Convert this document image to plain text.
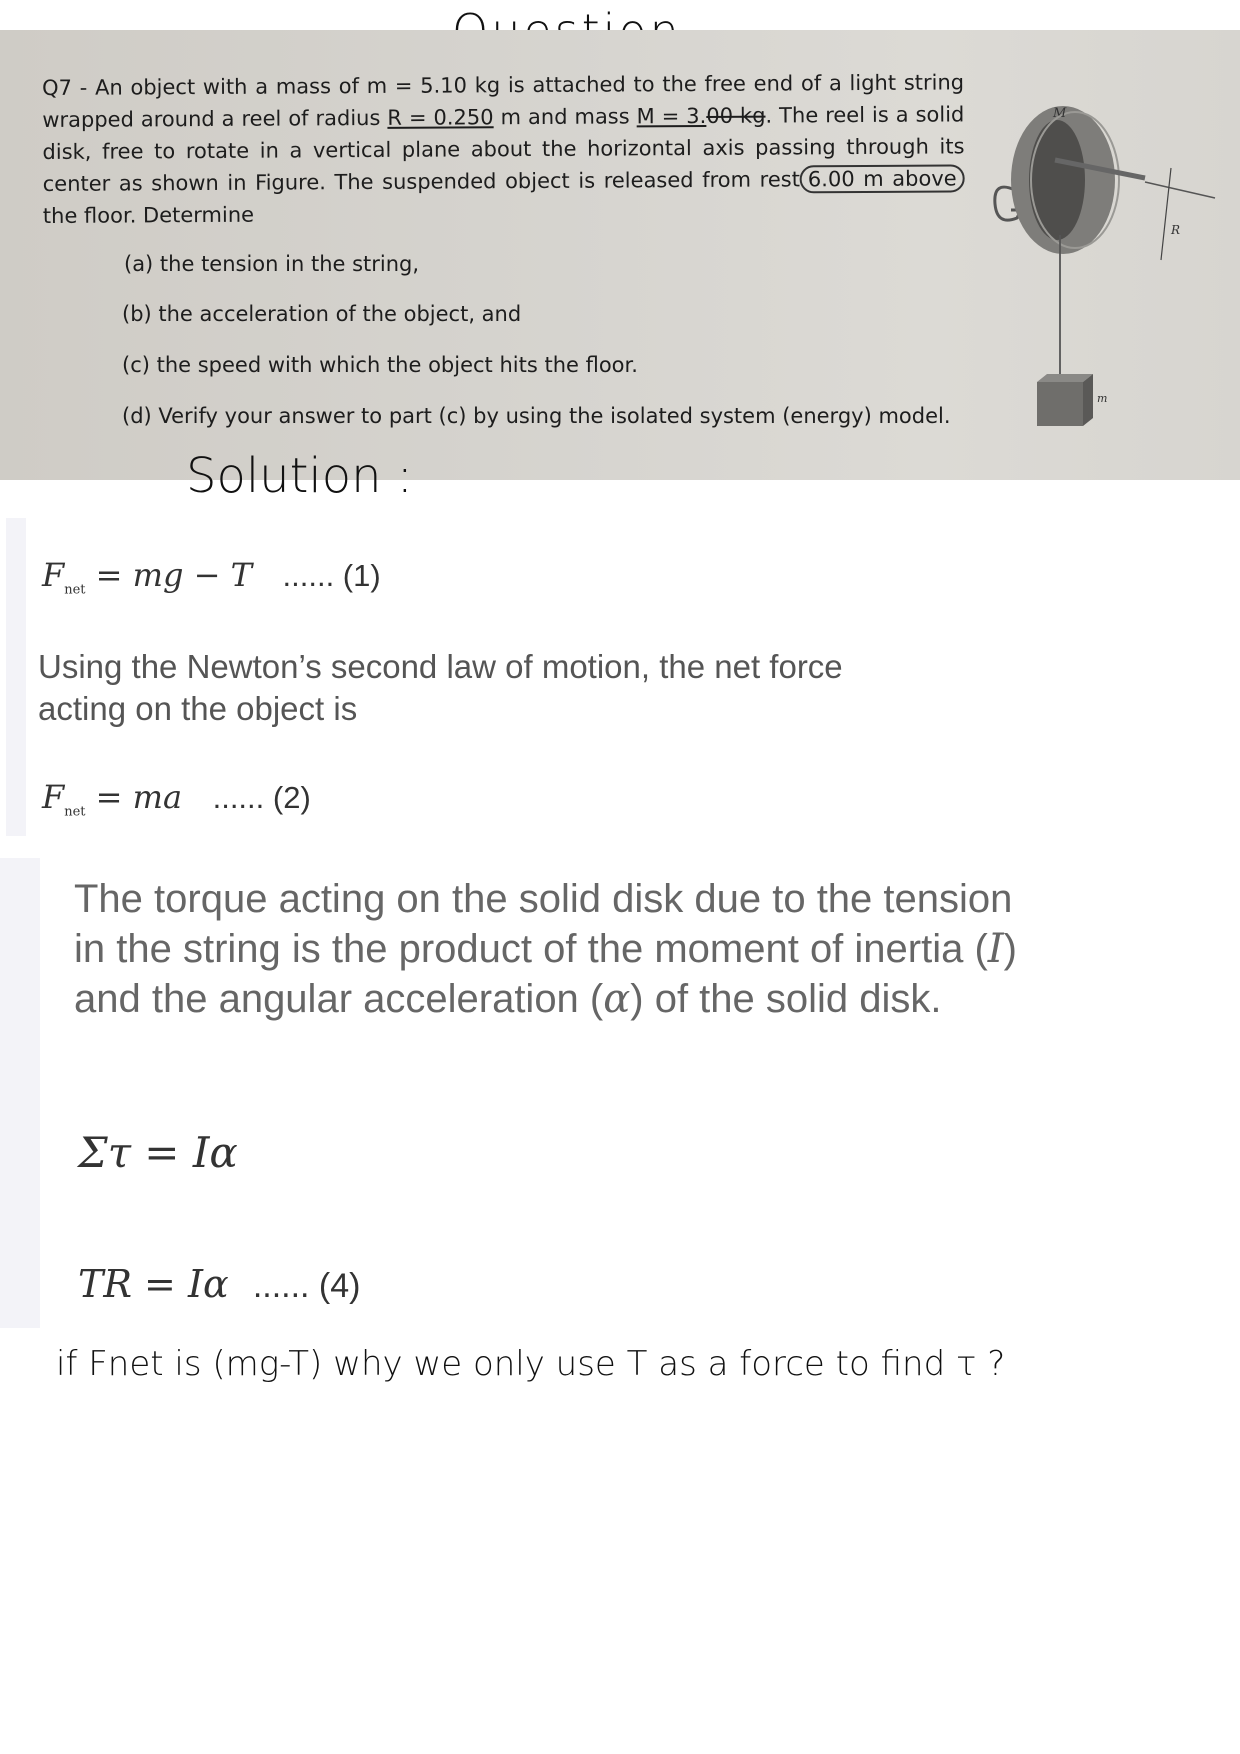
Q7 - An object with a mass of m = 5.10 kg is attached to the free end of a light string wrapped around a reel of radius R = 0.250 m and mass M = 3.00 kg. The reel is a solid disk, free to rotate in a vertical plane about the horizontal axis passing through its center as shown in Figure. The suspended object is released from rest 6.00 m above the floor. Determine
(a) the tension in the string,
(b) the acceleration of the object, and
(c) the speed with which the object hits the floor.
(d) Verify your answer to part (c) by using the isolated system (energy) model.
M
R
m
Solution :
$F_{net}$ = mg − T ...... (1)
Using the Newton’s second law of motion, the net force acting on the object is
$F_{net}$ = ma ...... (2)
The torque acting on the solid disk due to the tension in the string is the product of the moment of inertia (I) and the angular acceleration (α) of the solid disk.
Στ = Iα
TR = Iα ...... (4)
if Fnet is (mg-T) why we only use T as a force to find τ ?
